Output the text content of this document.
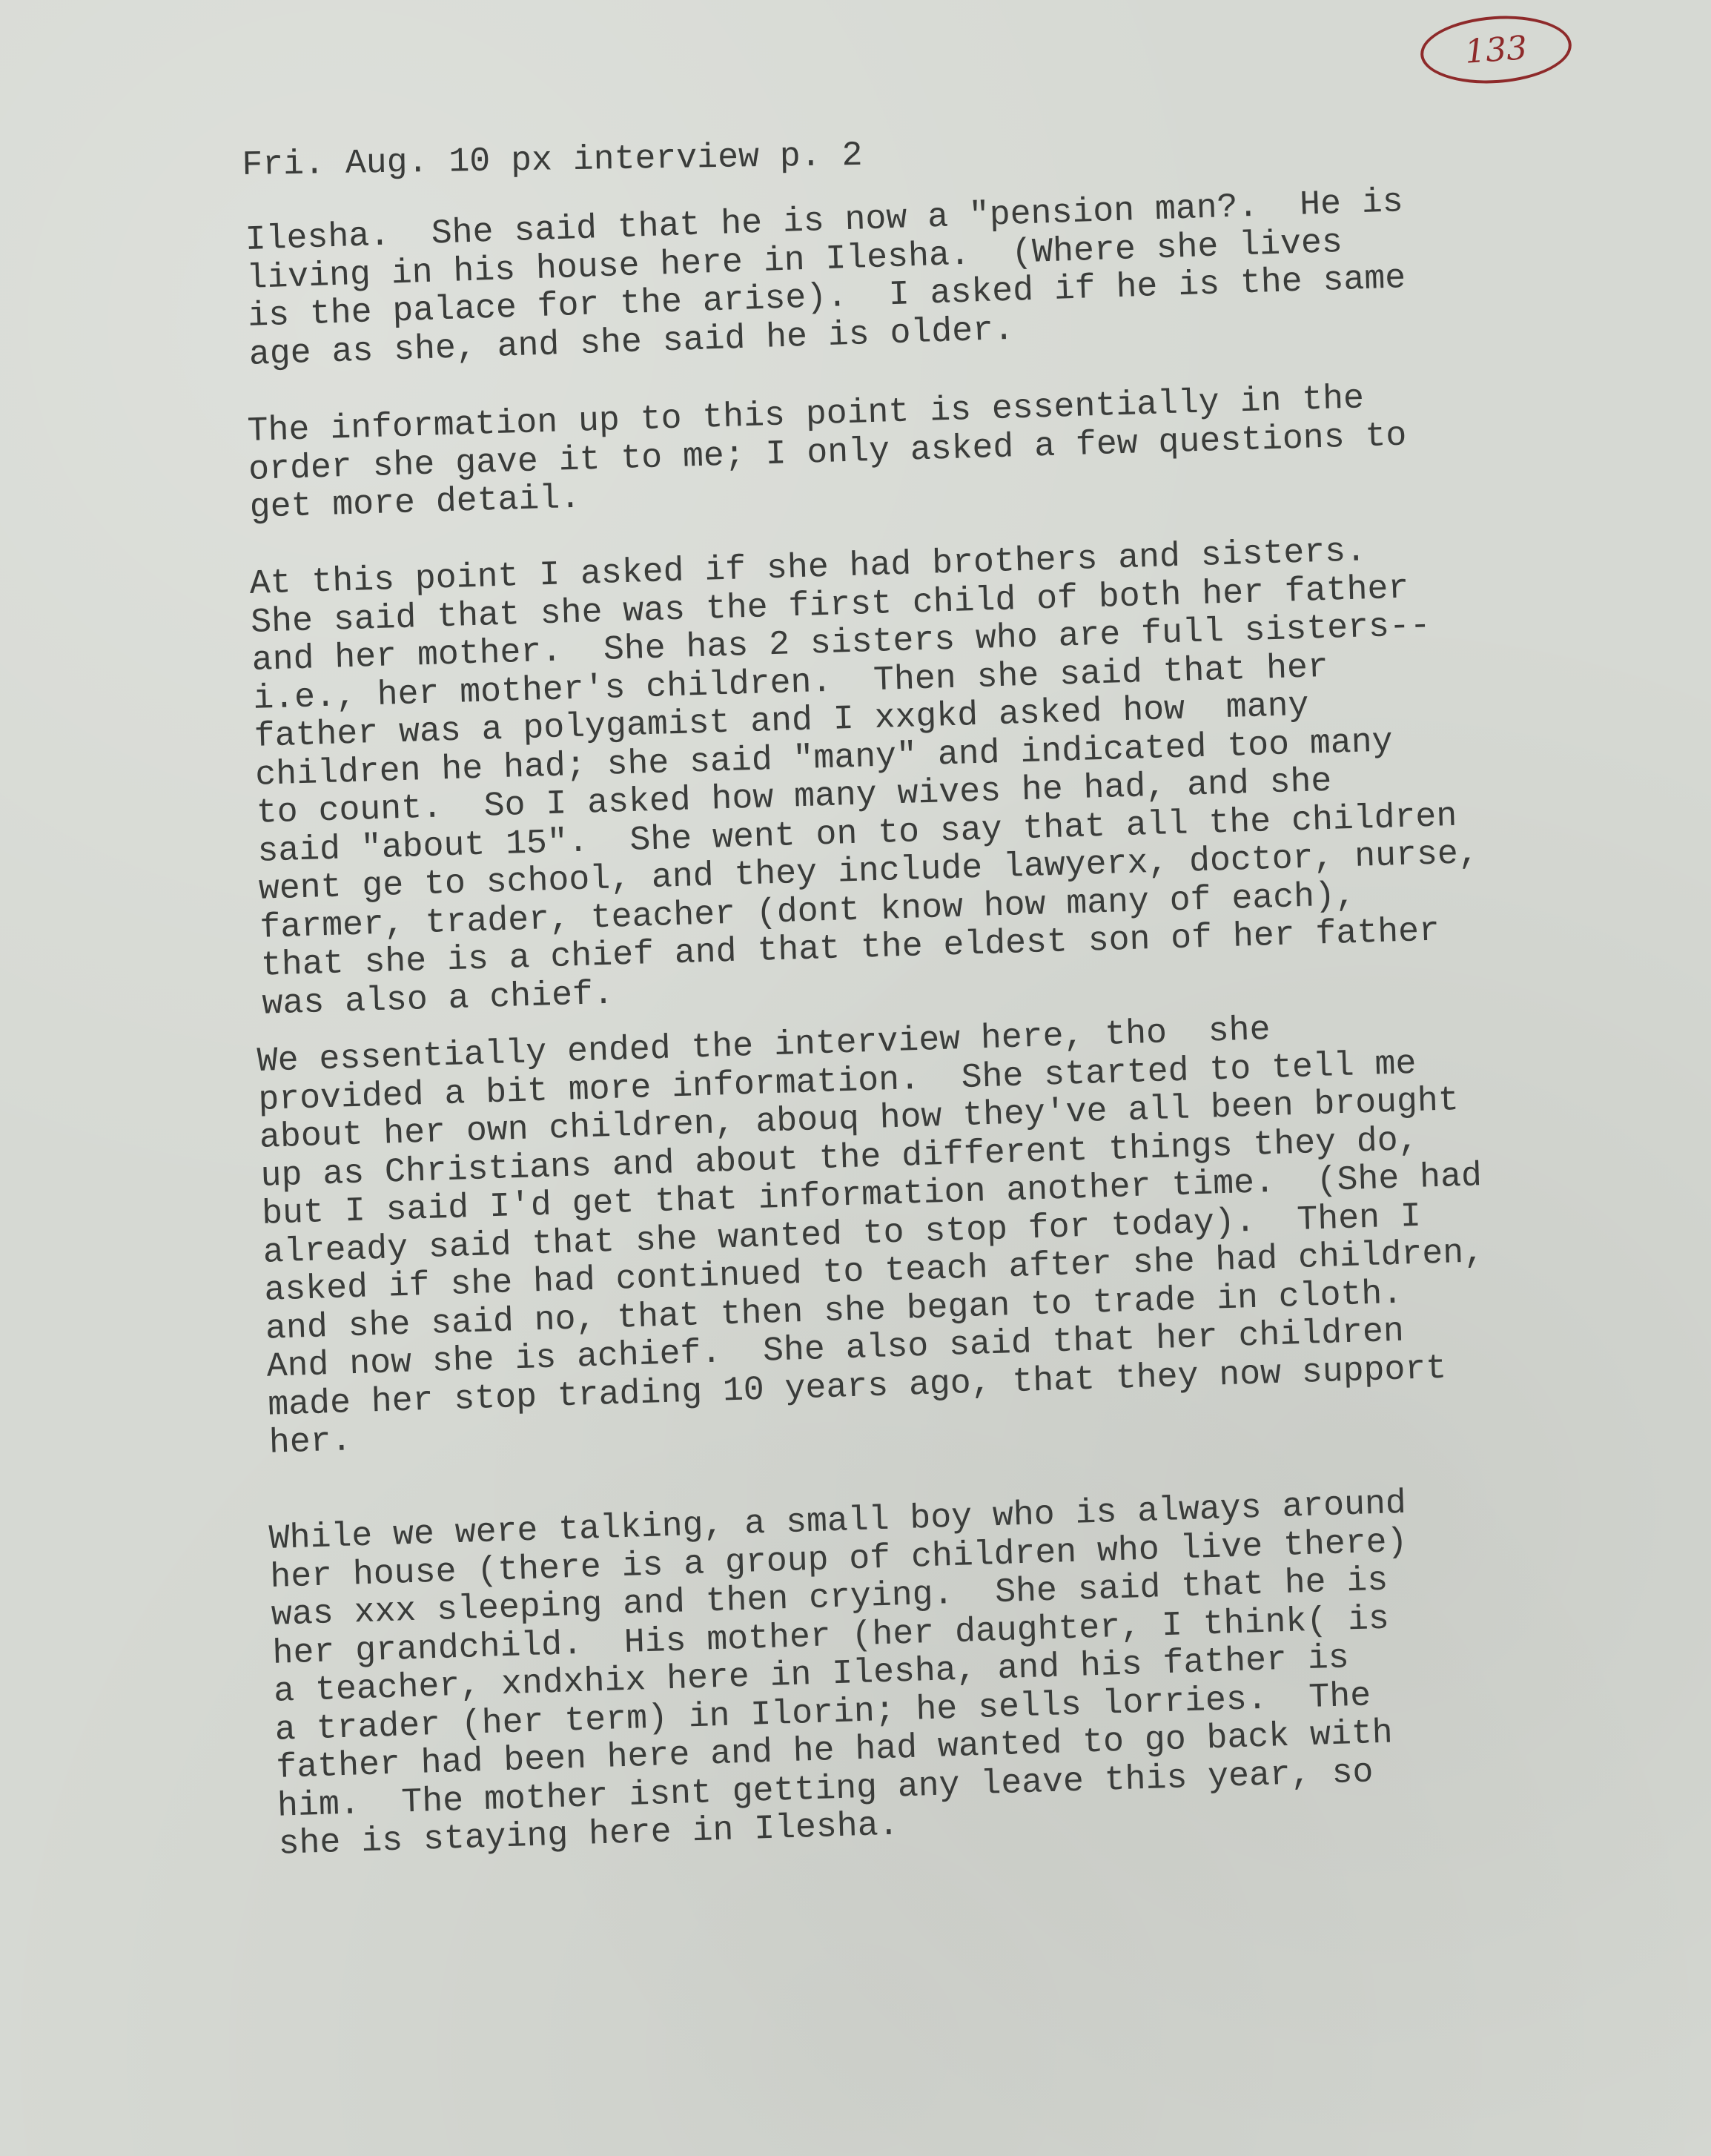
133
Fri. Aug. 10 px interview p. 2
Ilesha.  She said that he is now a "pension man?.  He is
living in his house here in Ilesha.  (Where she lives
is the palace for the arise).  I asked if he is the same
age as she, and she said he is older.
The information up to this point is essentially in the
order she gave it to me; I only asked a few questions to
get more detail.
At this point I asked if she had brothers and sisters.
She said that she was the first child of both her father
and her mother.  She has 2 sisters who are full sisters--
i.e., her mother's children.  Then she said that her
father was a polygamist and I xxgkd asked how  many
children he had; she said "many" and indicated too many
to count.  So I asked how many wives he had, and she
said "about 15".  She went on to say that all the children
went ge to school, and they include lawyerx, doctor, nurse,
farmer, trader, teacher (dont know how many of each),
that she is a chief and that the eldest son of her father
was also a chief.
We essentially ended the interview here, tho  she
provided a bit more information.  She started to tell me
about her own children, abouq how they've all been brought
up as Christians and about the different things they do,
but I said I'd get that information another time.  (She had
already said that she wanted to stop for today).  Then I
asked if she had continued to teach after she had children,
and she said no, that then she began to trade in cloth.
And now she is achief.  She also said that her children
made her stop trading 10 years ago, that they now support
her.
While we were talking, a small boy who is always around
her house (there is a group of children who live there)
was xxx sleeping and then crying.  She said that he is
her grandchild.  His mother (her daughter, I think( is
a teacher, xndxhix here in Ilesha, and his father is
a trader (her term) in Ilorin; he sells lorries.  The
father had been here and he had wanted to go back with
him.  The mother isnt getting any leave this year, so
she is staying here in Ilesha.
